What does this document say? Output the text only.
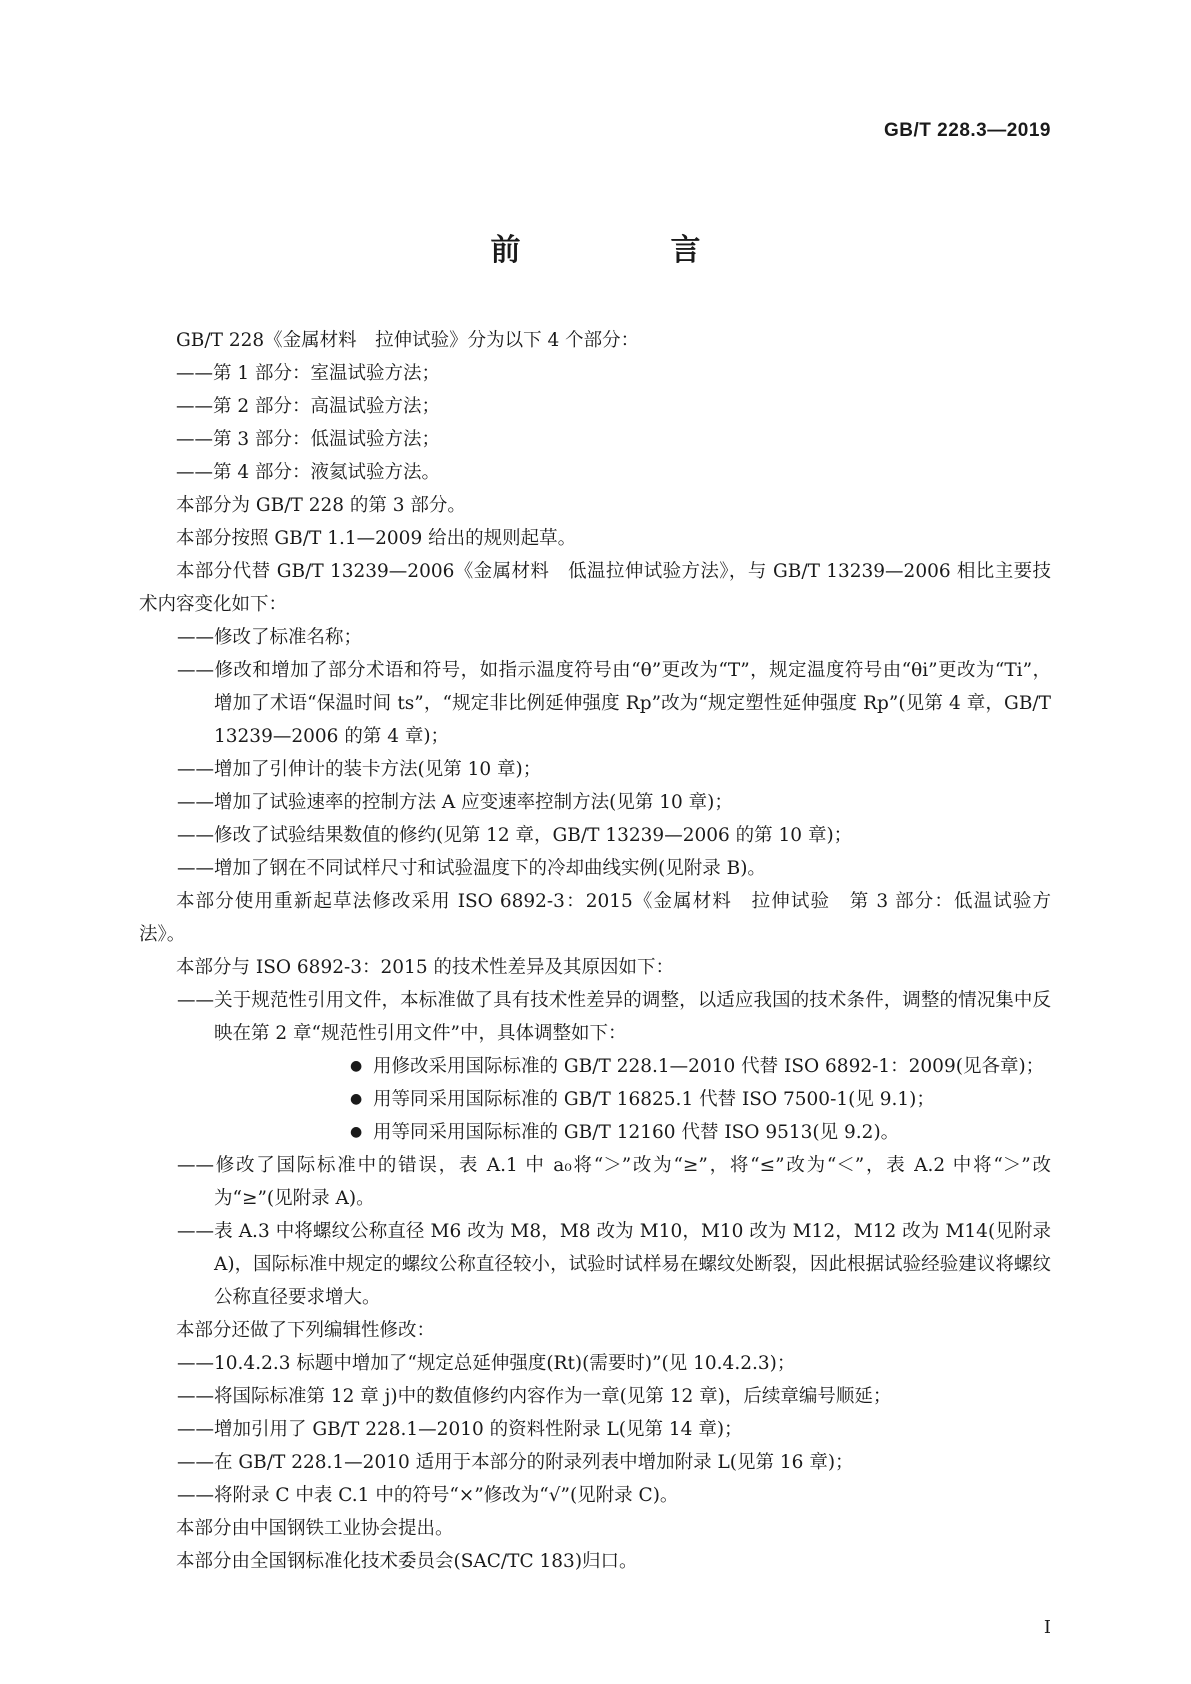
GB/T 228.3—2019
前　言

GB/T 228《金属材料　拉伸试验》分为以下 4 个部分：

——第 1 部分：室温试验方法；

——第 2 部分：高温试验方法；

——第 3 部分：低温试验方法；

——第 4 部分：液氦试验方法。

本部分为 GB/T 228 的第 3 部分。

本部分按照 GB/T 1.1—2009 给出的规则起草。

本部分代替 GB/T 13239—2006《金属材料　低温拉伸试验方法》，与 GB/T 13239—2006 相比主要技术内容变化如下：

——修改了标准名称；

——修改和增加了部分术语和符号，如指示温度符号由“θ”更改为“T”，规定温度符号由“θi”更改为“Ti”，增加了术语“保温时间 ts”，“规定非比例延伸强度 Rp”改为“规定塑性延伸强度 Rp”(见第 4 章，GB/T 13239—2006 的第 4 章)；

——增加了引伸计的装卡方法(见第 10 章)；

——增加了试验速率的控制方法 A 应变速率控制方法(见第 10 章)；

——修改了试验结果数值的修约(见第 12 章，GB/T 13239—2006 的第 10 章)；

——增加了钢在不同试样尺寸和试验温度下的冷却曲线实例(见附录 B)。

本部分使用重新起草法修改采用 ISO 6892-3：2015《金属材料　拉伸试验　第 3 部分：低温试验方法》。

本部分与 ISO 6892-3：2015 的技术性差异及其原因如下：

——关于规范性引用文件，本标准做了具有技术性差异的调整，以适应我国的技术条件，调整的情况集中反映在第 2 章“规范性引用文件”中，具体调整如下：

● 用修改采用国际标准的 GB/T 228.1—2010 代替 ISO 6892-1：2009(见各章)；

● 用等同采用国际标准的 GB/T 16825.1 代替 ISO 7500-1(见 9.1)；

● 用等同采用国际标准的 GB/T 12160 代替 ISO 9513(见 9.2)。

——修改了国际标准中的错误，表 A.1 中 a₀将“＞”改为“≥”，将“≤”改为“＜”，表 A.2 中将“＞”改为“≥”(见附录 A)。

——表 A.3 中将螺纹公称直径 M6 改为 M8，M8 改为 M10，M10 改为 M12，M12 改为 M14(见附录 A)，国际标准中规定的螺纹公称直径较小，试验时试样易在螺纹处断裂，因此根据试验经验建议将螺纹公称直径要求增大。

本部分还做了下列编辑性修改：

——10.4.2.3 标题中增加了“规定总延伸强度(Rt)(需要时)”(见 10.4.2.3)；

——将国际标准第 12 章 j)中的数值修约内容作为一章(见第 12 章)，后续章编号顺延；

——增加引用了 GB/T 228.1—2010 的资料性附录 L(见第 14 章)；

——在 GB/T 228.1—2010 适用于本部分的附录列表中增加附录 L(见第 16 章)；

——将附录 C 中表 C.1 中的符号“×”修改为“√”(见附录 C)。

本部分由中国钢铁工业协会提出。

本部分由全国钢标准化技术委员会(SAC/TC 183)归口。

I
